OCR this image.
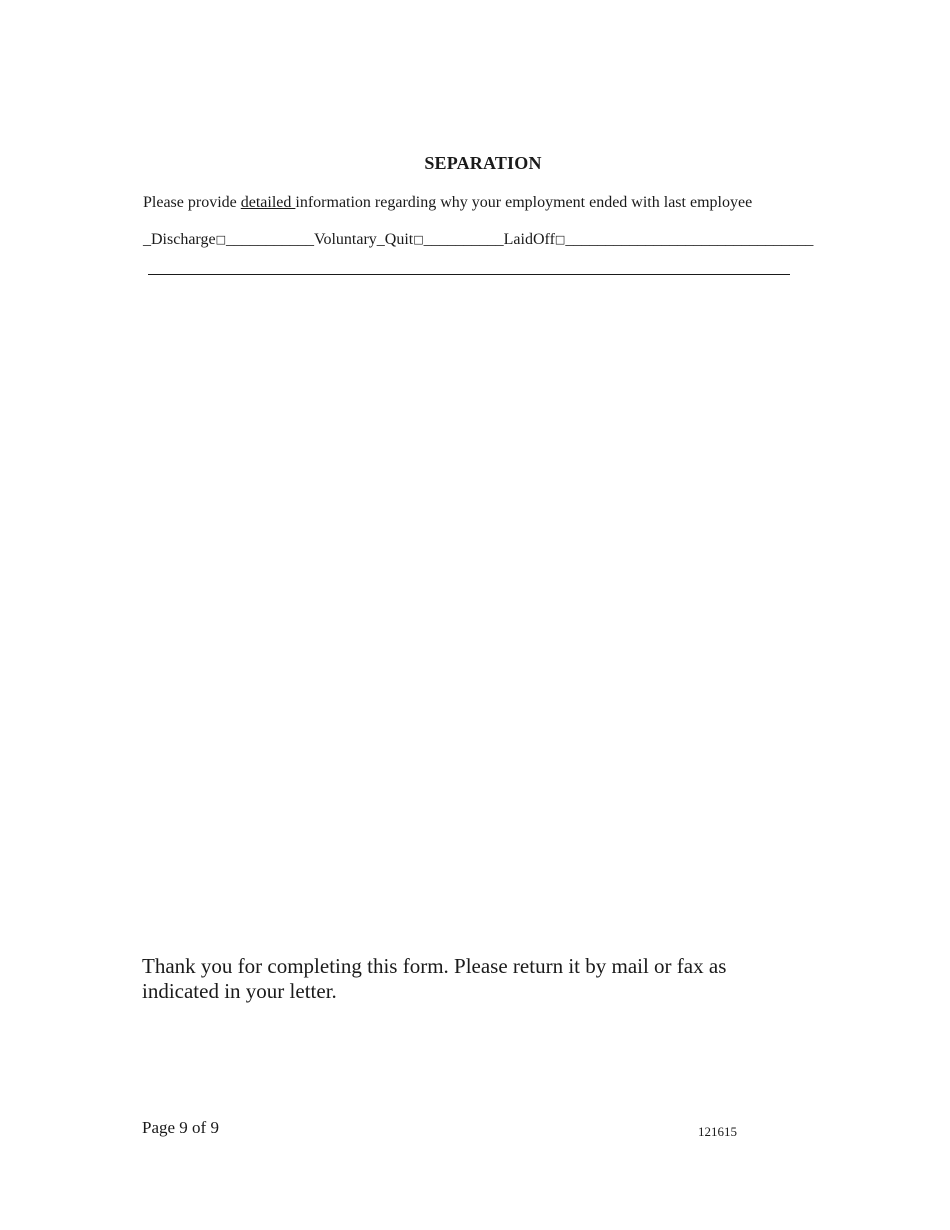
SEPARATION
Please provide detailed information regarding why your employment ended with last employee
_Discharge□___________Voluntary_Quit□__________LaidOff□_______________________________
Thank you for completing this form. Please return it by mail or fax as indicated in your letter.
Page 9 of 9	121615
